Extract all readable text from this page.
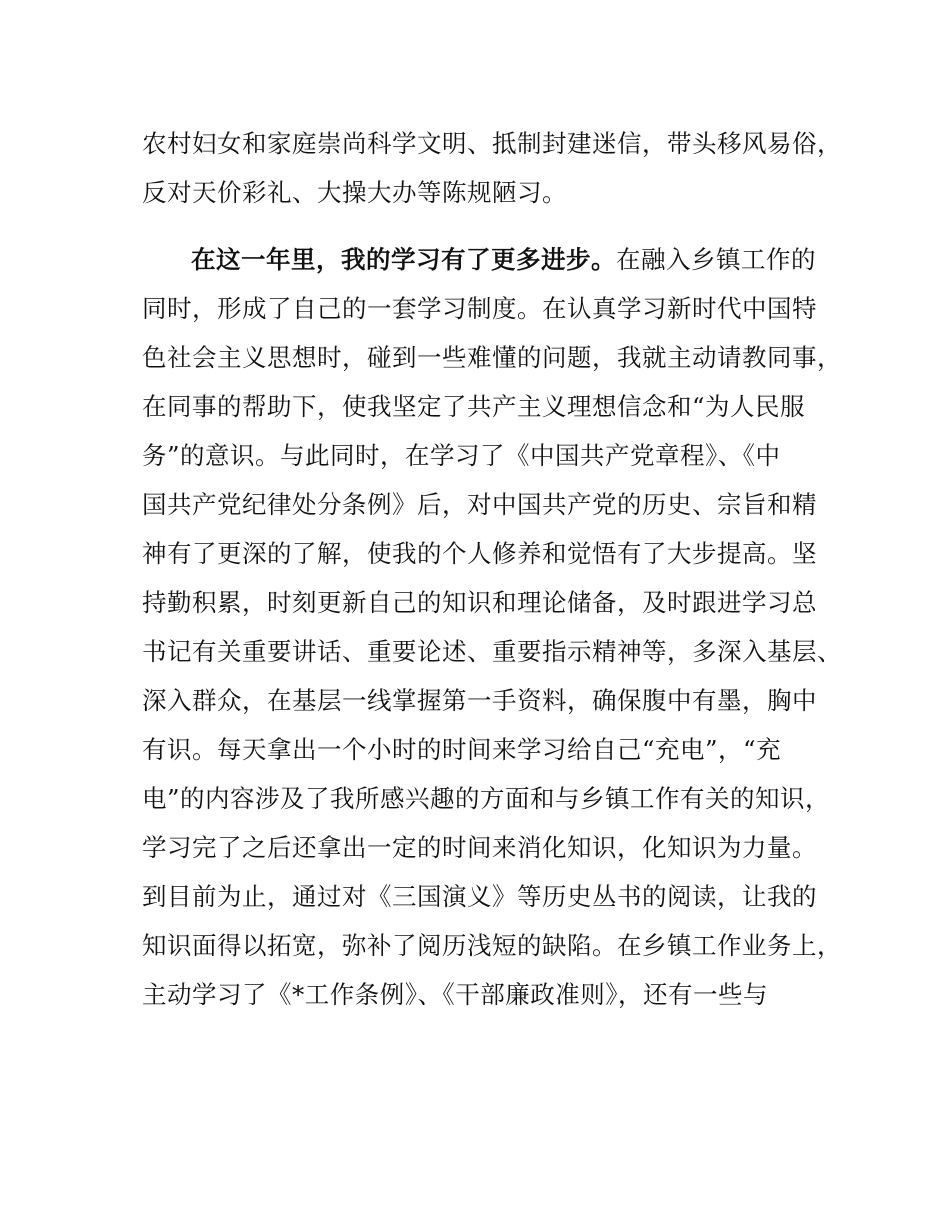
农村妇女和家庭崇尚科学文明、抵制封建迷信，带头移风易俗，
反对天价彩礼、大操大办等陈规陋习。
在这一年里，我的学习有了更多进步。在融入乡镇工作的
同时，形成了自己的一套学习制度。在认真学习新时代中国特
色社会主义思想时，碰到一些难懂的问题，我就主动请教同事，
在同事的帮助下，使我坚定了共产主义理想信念和“为人民服
务”的意识。与此同时，在学习了《中国共产党章程》、《中
国共产党纪律处分条例》后，对中国共产党的历史、宗旨和精
神有了更深的了解，使我的个人修养和觉悟有了大步提高。坚
持勤积累，时刻更新自己的知识和理论储备，及时跟进学习总
书记有关重要讲话、重要论述、重要指示精神等，多深入基层、
深入群众，在基层一线掌握第一手资料，确保腹中有墨，胸中
有识。每天拿出一个小时的时间来学习给自己“充电”，“充
电”的内容涉及了我所感兴趣的方面和与乡镇工作有关的知识，
学习完了之后还拿出一定的时间来消化知识，化知识为力量。
到目前为止，通过对《三国演义》等历史丛书的阅读，让我的
知识面得以拓宽，弥补了阅历浅短的缺陷。在乡镇工作业务上，
主动学习了《*工作条例》、《干部廉政准则》，还有一些与
